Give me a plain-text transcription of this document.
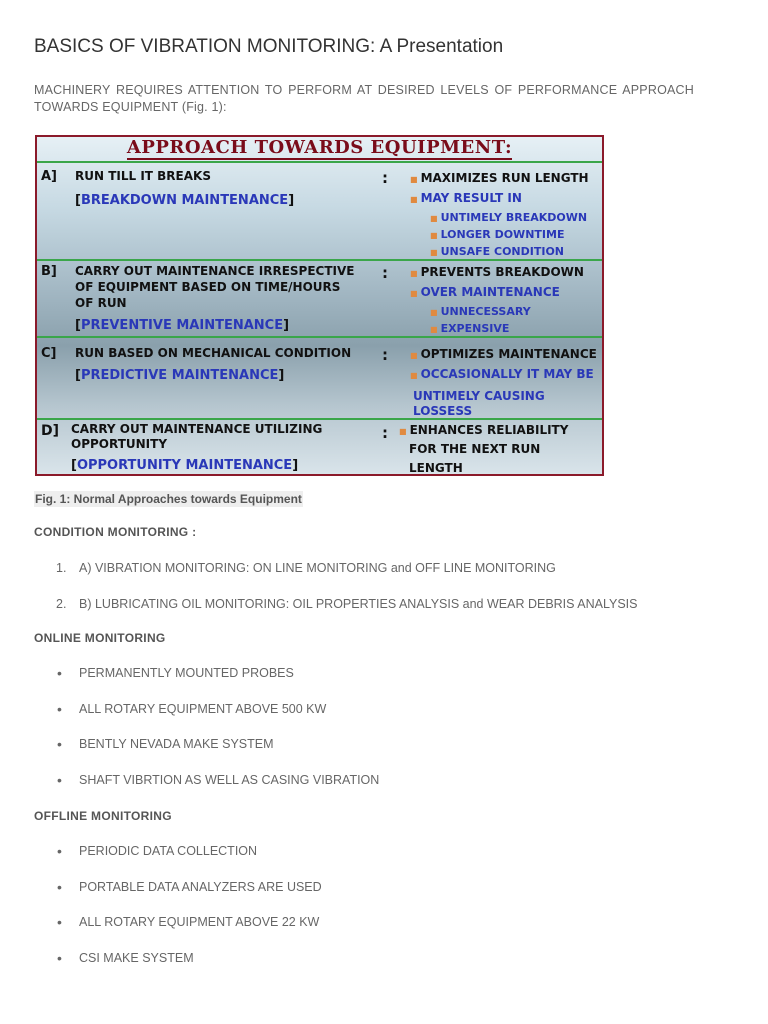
BASICS OF VIBRATION MONITORING: A Presentation

MACHINERY REQUIRES ATTENTION TO PERFORM AT DESIRED LEVELS OF PERFORMANCE APPROACH TOWARDS EQUIPMENT (Fig. 1):

APPROACH TOWARDS EQUIPMENT:
A] RUN TILL IT BREAKS
[BREAKDOWN MAINTENANCE]
:	■ MAXIMIZES RUN LENGTH
■ MAY RESULT IN
■ UNTIMELY BREAKDOWN
■ LONGER DOWNTIME
■ UNSAFE CONDITION
B] CARRY OUT MAINTENANCE IRRESPECTIVE
OF EQUIPMENT BASED ON TIME/HOURS
OF RUN
[PREVENTIVE MAINTENANCE]
:	■ PREVENTS BREAKDOWN
■ OVER MAINTENANCE
■ UNNECESSARY
■ EXPENSIVE
C] RUN BASED ON MECHANICAL CONDITION
[PREDICTIVE MAINTENANCE]
:	■ OPTIMIZES MAINTENANCE
■ OCCASIONALLY IT MAY BE
UNTIMELY CAUSING
LOSSESS
D] CARRY OUT MAINTENANCE UTILIZING
OPPORTUNITY
[OPPORTUNITY MAINTENANCE]
: ■ ENHANCES RELIABILITY
FOR THE NEXT RUN
LENGTH

Fig. 1: Normal Approaches towards Equipment

CONDITION MONITORING :
1. A) VIBRATION MONITORING: ON LINE MONITORING and OFF LINE MONITORING
2. B) LUBRICATING OIL MONITORING: OIL PROPERTIES ANALYSIS and WEAR DEBRIS ANALYSIS
ONLINE MONITORING
• PERMANENTLY MOUNTED PROBES
• ALL ROTARY EQUIPMENT ABOVE 500 KW
• BENTLY NEVADA MAKE SYSTEM
• SHAFT VIBRTION AS WELL AS CASING VIBRATION
OFFLINE MONITORING
• PERIODIC DATA COLLECTION
• PORTABLE DATA ANALYZERS ARE USED
• ALL ROTARY EQUIPMENT ABOVE 22 KW
• CSI MAKE SYSTEM
